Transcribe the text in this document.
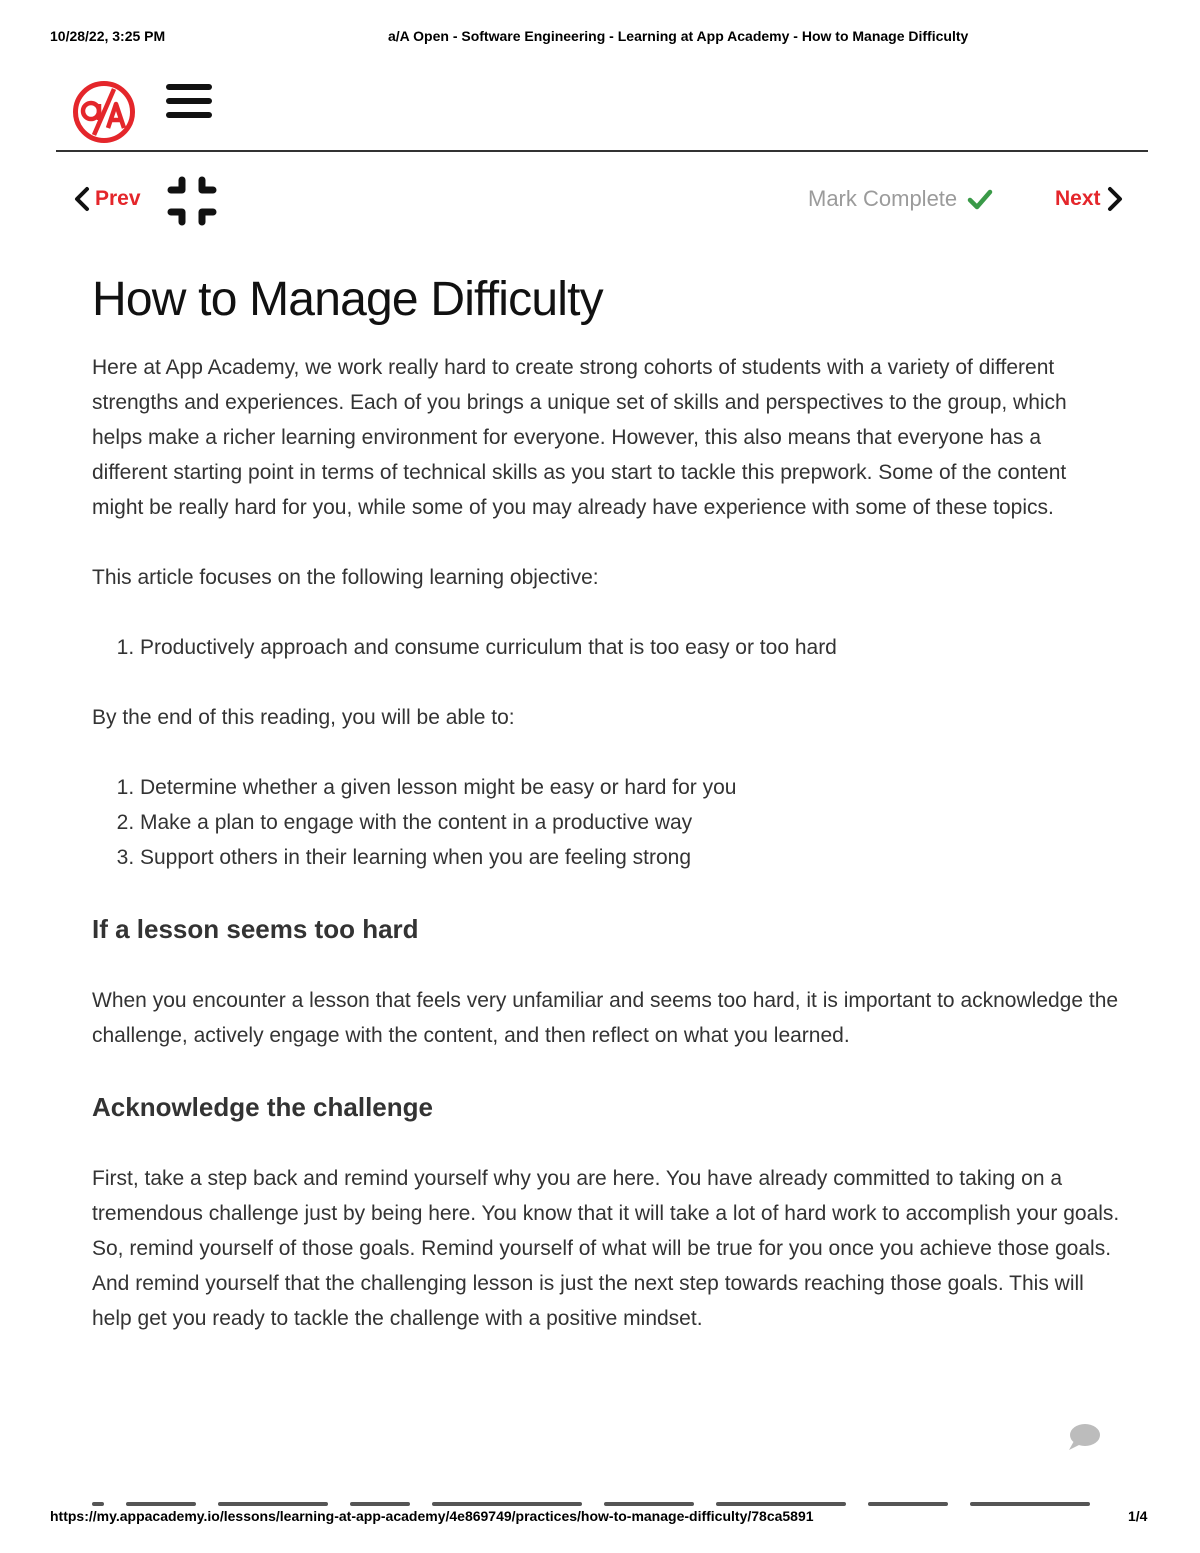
10/28/22, 3:25 PM	a/A Open - Software Engineering - Learning at App Academy - How to Manage Difficulty
Prev	Mark Complete	Next
How to Manage Difficulty

Here at App Academy, we work really hard to create strong cohorts of students with a variety of different strengths and experiences. Each of you brings a unique set of skills and perspectives to the group, which helps make a richer learning environment for everyone. However, this also means that everyone has a different starting point in terms of technical skills as you start to tackle this prepwork. Some of the content might be really hard for you, while some of you may already have experience with some of these topics.

This article focuses on the following learning objective:

1. Productively approach and consume curriculum that is too easy or too hard

By the end of this reading, you will be able to:

1. Determine whether a given lesson might be easy or hard for you
2. Make a plan to engage with the content in a productive way
3. Support others in their learning when you are feeling strong
If a lesson seems too hard

When you encounter a lesson that feels very unfamiliar and seems too hard, it is important to acknowledge the challenge, actively engage with the content, and then reflect on what you learned.

Acknowledge the challenge

First, take a step back and remind yourself why you are here. You have already committed to taking on a tremendous challenge just by being here. You know that it will take a lot of hard work to accomplish your goals. So, remind yourself of those goals. Remind yourself of what will be true for you once you achieve those goals. And remind yourself that the challenging lesson is just the next step towards reaching those goals. This will help get you ready to tackle the challenge with a positive mindset.

https://my.appacademy.io/lessons/learning-at-app-academy/4e869749/practices/how-to-manage-difficulty/78ca5891	1/4
